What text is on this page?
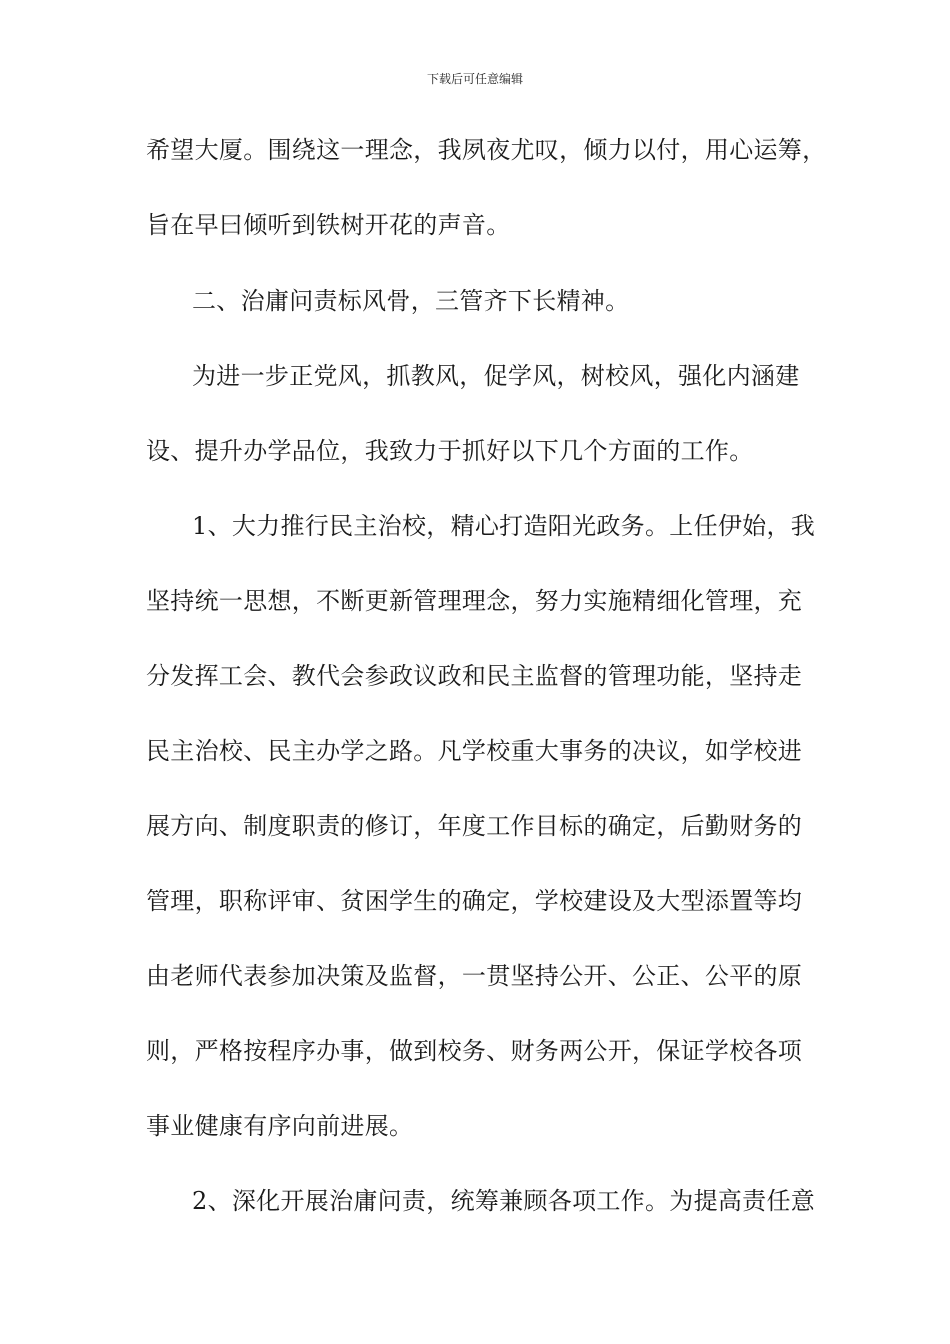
下载后可任意编辑
希望大厦。围绕这一理念，我夙夜尤叹，倾力以付，用心运筹，
旨在早曰倾听到铁树开花的声音。
二、治庸问责标风骨，三管齐下长精神。
为进一步正党风，抓教风，促学风，树校风，强化内涵建
设、提升办学品位，我致力于抓好以下几个方面的工作。
1、大力推行民主治校，精心打造阳光政务。上任伊始，我
坚持统一思想，不断更新管理理念，努力实施精细化管理，充
分发挥工会、教代会参政议政和民主监督的管理功能，坚持走
民主治校、民主办学之路。凡学校重大事务的决议，如学校进
展方向、制度职责的修订，年度工作目标的确定，后勤财务的
管理，职称评审、贫困学生的确定，学校建设及大型添置等均
由老师代表参加决策及监督，一贯坚持公开、公正、公平的原
则，严格按程序办事，做到校务、财务两公开，保证学校各项
事业健康有序向前进展。
2、深化开展治庸问责，统筹兼顾各项工作。为提高责任意
